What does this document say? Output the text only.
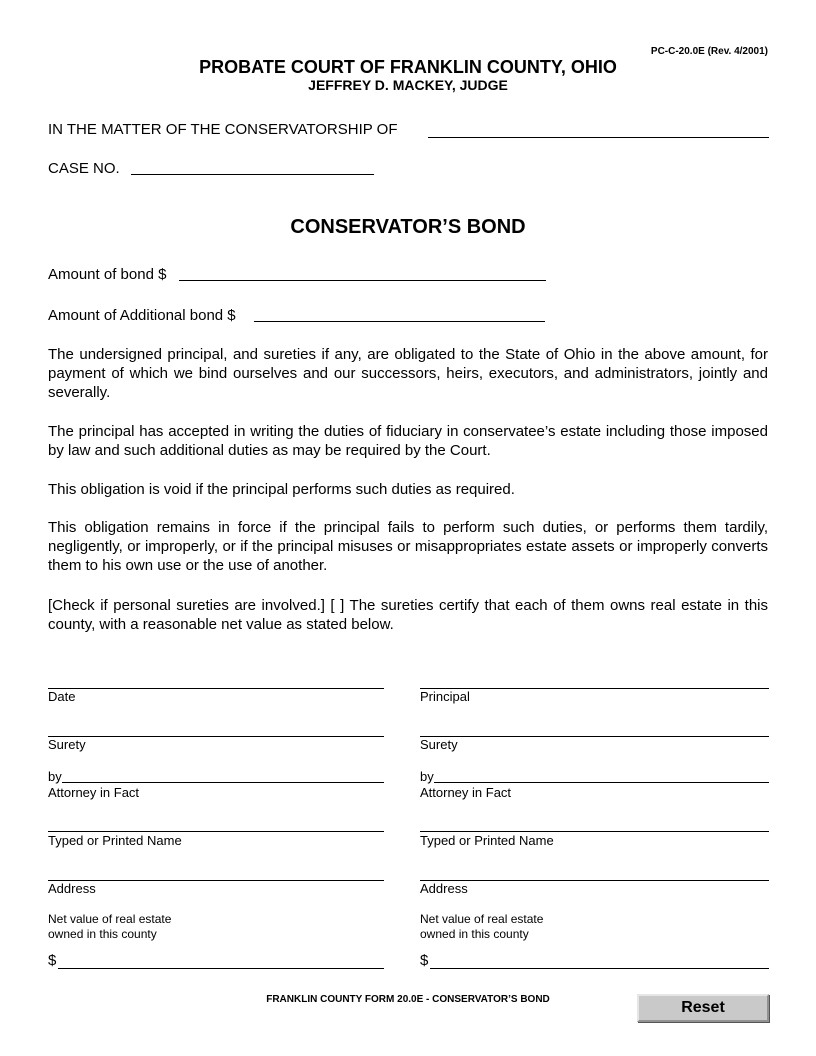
PC-C-20.0E (Rev. 4/2001)
PROBATE COURT OF FRANKLIN COUNTY, OHIO
JEFFREY D. MACKEY, JUDGE
IN THE MATTER OF THE CONSERVATORSHIP OF
CASE NO.
CONSERVATOR’S BOND
Amount of bond $
Amount of Additional bond $

The undersigned principal, and sureties if any, are obligated to the State of Ohio in the above amount, for payment of which we bind ourselves and our successors, heirs, executors, and administrators, jointly and severally.

The principal has accepted in writing the duties of fiduciary in conservatee’s estate including those imposed by law and such additional duties as may be required by the Court.

This obligation is void if the principal performs such duties as required.

This obligation remains in force if the principal fails to perform such duties, or performs them tardily, negligently, or improperly, or if the principal misuses or misappropriates estate assets or improperly converts them to his own use or the use of another.

[Check if personal sureties are involved.] [ ] The sureties certify that each of them owns real estate in this county, with a reasonable net value as stated below.

Date
Surety
by
Attorney in Fact
Typed or Printed Name
Address
Net value of real estate
owned in this county
$
Principal
Surety
by
Attorney in Fact
Typed or Printed Name
Address
Net value of real estate
owned in this county
$
FRANKLIN COUNTY FORM 20.0E - CONSERVATOR’S BOND	Reset
